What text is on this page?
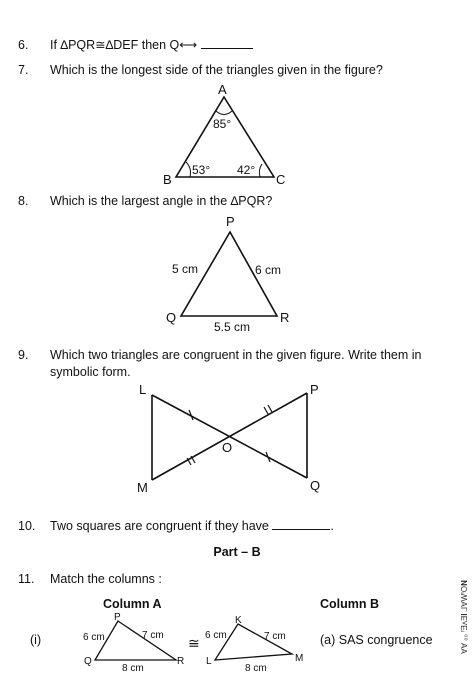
6. If ∆PQR≅∆DEF then Q⟷
7. Which is the longest side of the triangles given in the figure?
A
B	C
85°
53° 42°
8. Which is the largest angle in the ∆PQR?
P
Q	R
5 cm	6 cm
5.5 cm
9. Which two triangles are congruent in the given figure. Write them in
symbolic form.
L
M
O
P
Q
10. Two squares are congruent if they have	.
Part – B
11. Match the columns :
Column A	Column B
(i)
P
Q	R
6 cm	7 cm
8 cm
≅
K
L	M
6 cm	7 cm
8 cm
(a) SAS congruence	Ɐ∀ ₀₀ ꞋƎʌƎ𝐥 ⅃ⱯWꞋO𝐍
